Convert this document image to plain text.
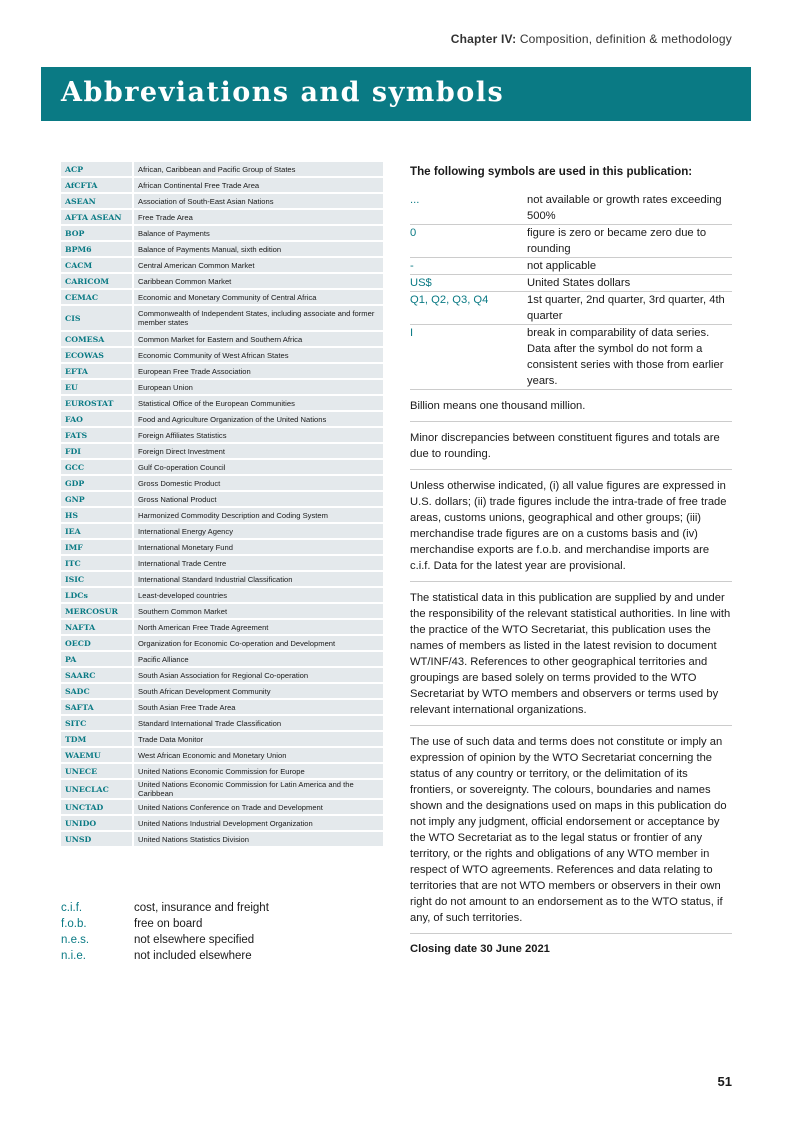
Chapter IV: Composition, definition & methodology
Abbreviations and symbols
ACP	African, Caribbean and Pacific Group of States
AfCFTA	African Continental Free Trade Area
ASEAN	Association of South-East Asian Nations
AFTA ASEAN	Free Trade Area
BOP	Balance of Payments
BPM6	Balance of Payments Manual, sixth edition
CACM	Central American Common Market
CARICOM	Caribbean Common Market
CEMAC	Economic and Monetary Community of Central Africa
CIS	Commonwealth of Independent States, including associate and former member states
COMESA	Common Market for Eastern and Southern Africa
ECOWAS	Economic Community of West African States
EFTA	European Free Trade Association
EU	European Union
EUROSTAT	Statistical Office of the European Communities
FAO	Food and Agriculture Organization of the United Nations
FATS	Foreign Affiliates Statistics
FDI	Foreign Direct Investment
GCC	Gulf Co-operation Council
GDP	Gross Domestic Product
GNP	Gross National Product
HS	Harmonized Commodity Description and Coding System
IEA	International Energy Agency
IMF	International Monetary Fund
ITC	International Trade Centre
ISIC	International Standard Industrial Classification
LDCs	Least-developed countries
MERCOSUR	Southern Common Market
NAFTA	North American Free Trade Agreement
OECD	Organization for Economic Co-operation and Development
PA	Pacific Alliance
SAARC	South Asian Association for Regional Co-operation
SADC	South African Development Community
SAFTA	South Asian Free Trade Area
SITC	Standard International Trade Classification
TDM	Trade Data Monitor
WAEMU	West African Economic and Monetary Union
UNECE	United Nations Economic Commission for Europe
UNECLAC	United Nations Economic Commission for Latin America and the Caribbean
UNCTAD	United Nations Conference on Trade and Development
UNIDO	United Nations Industrial Development Organization
UNSD	United Nations Statistics Division
c.i.f.	cost, insurance and freight
f.o.b.	free on board
n.e.s.	not elsewhere specified
n.i.e.	not included elsewhere
The following symbols are used in this publication:
...	not available or growth rates exceeding 500%
0	figure is zero or became zero due to rounding
-	not applicable
US$	United States dollars
Q1, Q2, Q3, Q4	1st quarter, 2nd quarter, 3rd quarter, 4th quarter
I	break in comparability of data series. Data after the symbol do not form a consistent series with those from earlier years.
Billion means one thousand million.
Minor discrepancies between constituent figures and totals are due to rounding.
Unless otherwise indicated, (i) all value figures are expressed in U.S. dollars; (ii) trade figures include the intra-trade of free trade areas, customs unions, geographical and other groups; (iii) merchandise trade figures are on a customs basis and (iv) merchandise exports are f.o.b. and merchandise imports are c.i.f. Data for the latest year are provisional.
The statistical data in this publication are supplied by and under the responsibility of the relevant statistical authorities. In line with the practice of the WTO Secretariat, this publication uses the names of members as listed in the latest revision to document WT/INF/43. References to other geographical territories and groupings are based solely on terms provided to the WTO Secretariat by WTO members and observers or terms used by relevant international organizations.
The use of such data and terms does not constitute or imply an expression of opinion by the WTO Secretariat concerning the status of any country or territory, or the delimitation of its frontiers, or sovereignty. The colours, boundaries and names shown and the designations used on maps in this publication do not imply any judgment, official endorsement or acceptance by the WTO Secretariat as to the legal status or frontier of any territory, or the rights and obligations of any WTO member in respect of WTO agreements. References and data relating to territories that are not WTO members or observers in their own right do not amount to an endorsement as to the WTO status, if any, of such territories.
Closing date 30 June 2021
51
